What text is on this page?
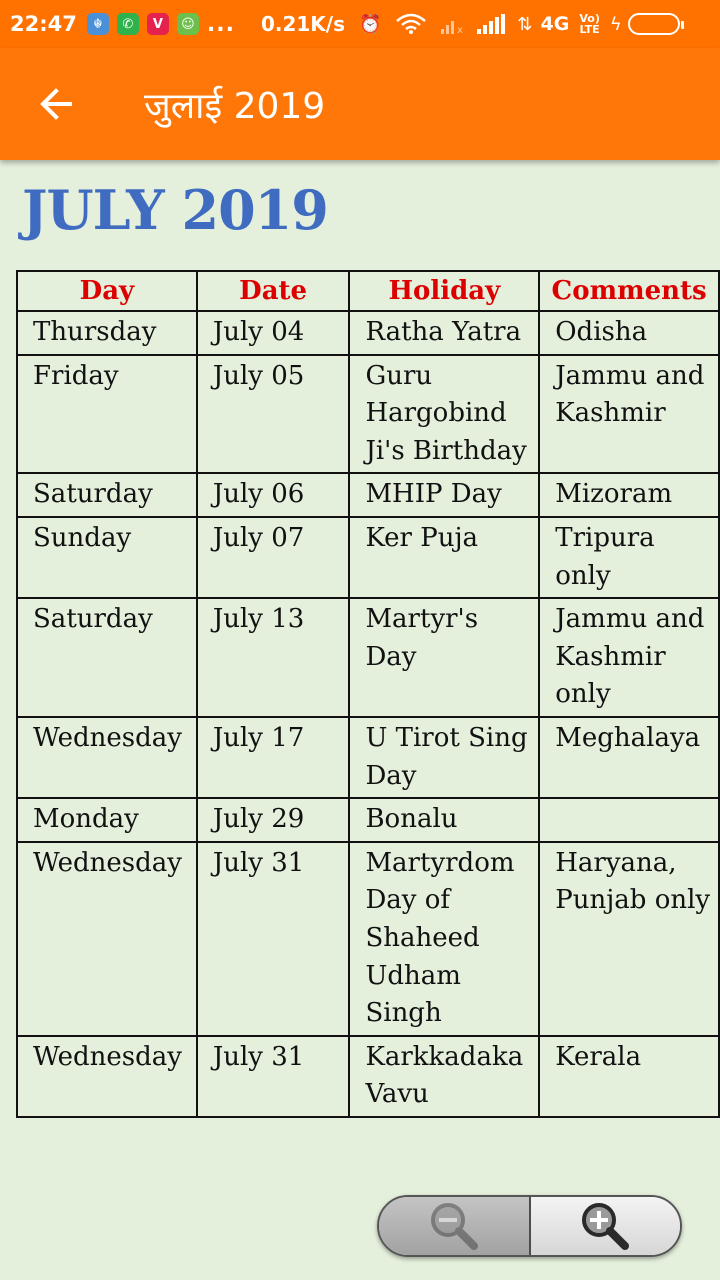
22:47	☬	✆	V	☺ ... 0.21K/s ⏰	x	⇅ 4G Vo)
LTE ϟ
जुलाई 2019
JULY 2019
Day	Date	Holiday	Comments
Thursday	July 04	Ratha Yatra	Odisha
Friday	July 05	Guru Hargobind Ji's Birthday	Jammu and Kashmir
Saturday	July 06	MHIP Day	Mizoram
Sunday	July 07	Ker Puja	Tripura only
Saturday	July 13	Martyr's Day	Jammu and Kashmir only
Wednesday	July 17	U Tirot Sing Day	Meghalaya
Monday	July 29	Bonalu	
Wednesday	July 31	Martyrdom Day of Shaheed Udham Singh	Haryana, Punjab only
Wednesday	July 31	Karkkadaka Vavu	Kerala
